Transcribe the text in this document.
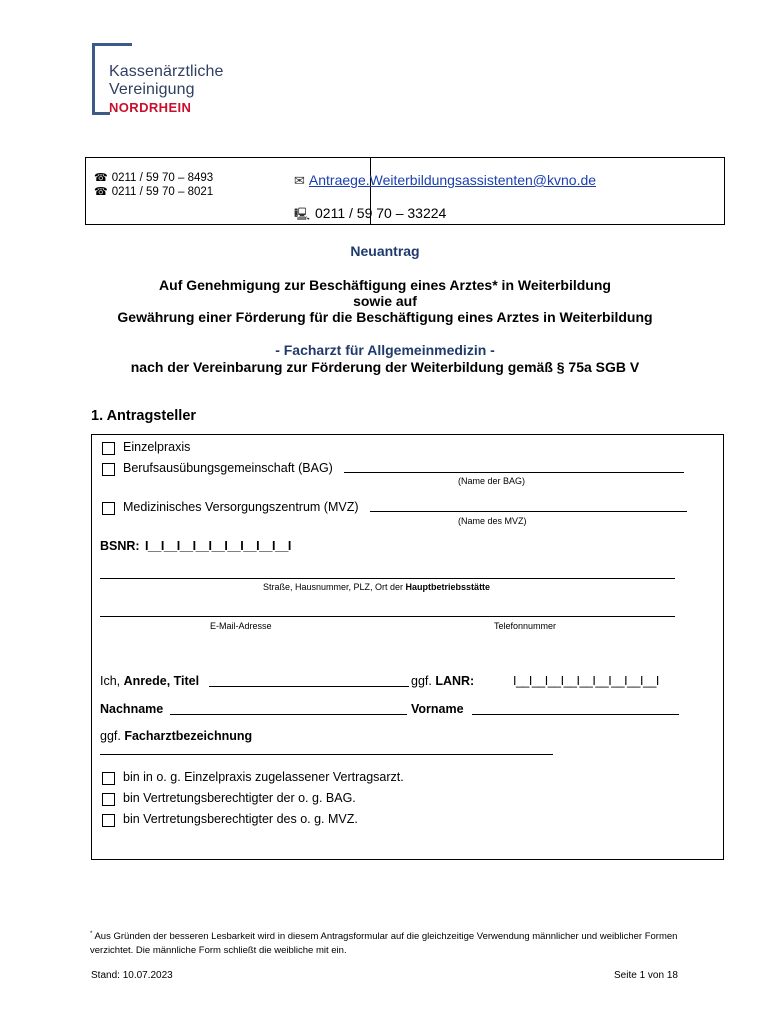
Kassenärztliche
Vereinigung
NORDRHEIN
☎ 0211 / 59 70 – 8493
☎ 0211 / 59 70 – 8021
✉ Antraege.Weiterbildungsassistenten@kvno.de
🖳 0211 / 59 70 – 33224
Neuantrag
Auf Genehmigung zur Beschäftigung eines Arztes* in Weiterbildung
sowie auf
Gewährung einer Förderung für die Beschäftigung eines Arztes in Weiterbildung
- Facharzt für Allgemeinmedizin -
nach der Vereinbarung zur Förderung der Weiterbildung gemäß § 75a SGB V
1. Antragsteller
Einzelpraxis
Berufsausübungsgemeinschaft (BAG)
(Name der BAG)
Medizinisches Versorgungszentrum (MVZ)
(Name des MVZ)
BSNR: I__I__I__I__I__I__I__I__I__I
Straße, Hausnummer, PLZ, Ort der Hauptbetriebsstätte
E-Mail-Adresse	Telefonnummer
Ich, Anrede, Titel	ggf. LANR:	I__I__I__I__I__I__I__I__I__I
Nachname	Vorname
ggf. Facharztbezeichnung
bin in o. g. Einzelpraxis zugelassener Vertragsarzt.
bin Vertretungsberechtigter der o. g. BAG.
bin Vertretungsberechtigter des o. g. MVZ.
* Aus Gründen der besseren Lesbarkeit wird in diesem Antragsformular auf die gleichzeitige Verwendung männlicher und weiblicher Formen verzichtet. Die männliche Form schließt die weibliche mit ein.
Stand: 10.07.2023	Seite 1 von 18
